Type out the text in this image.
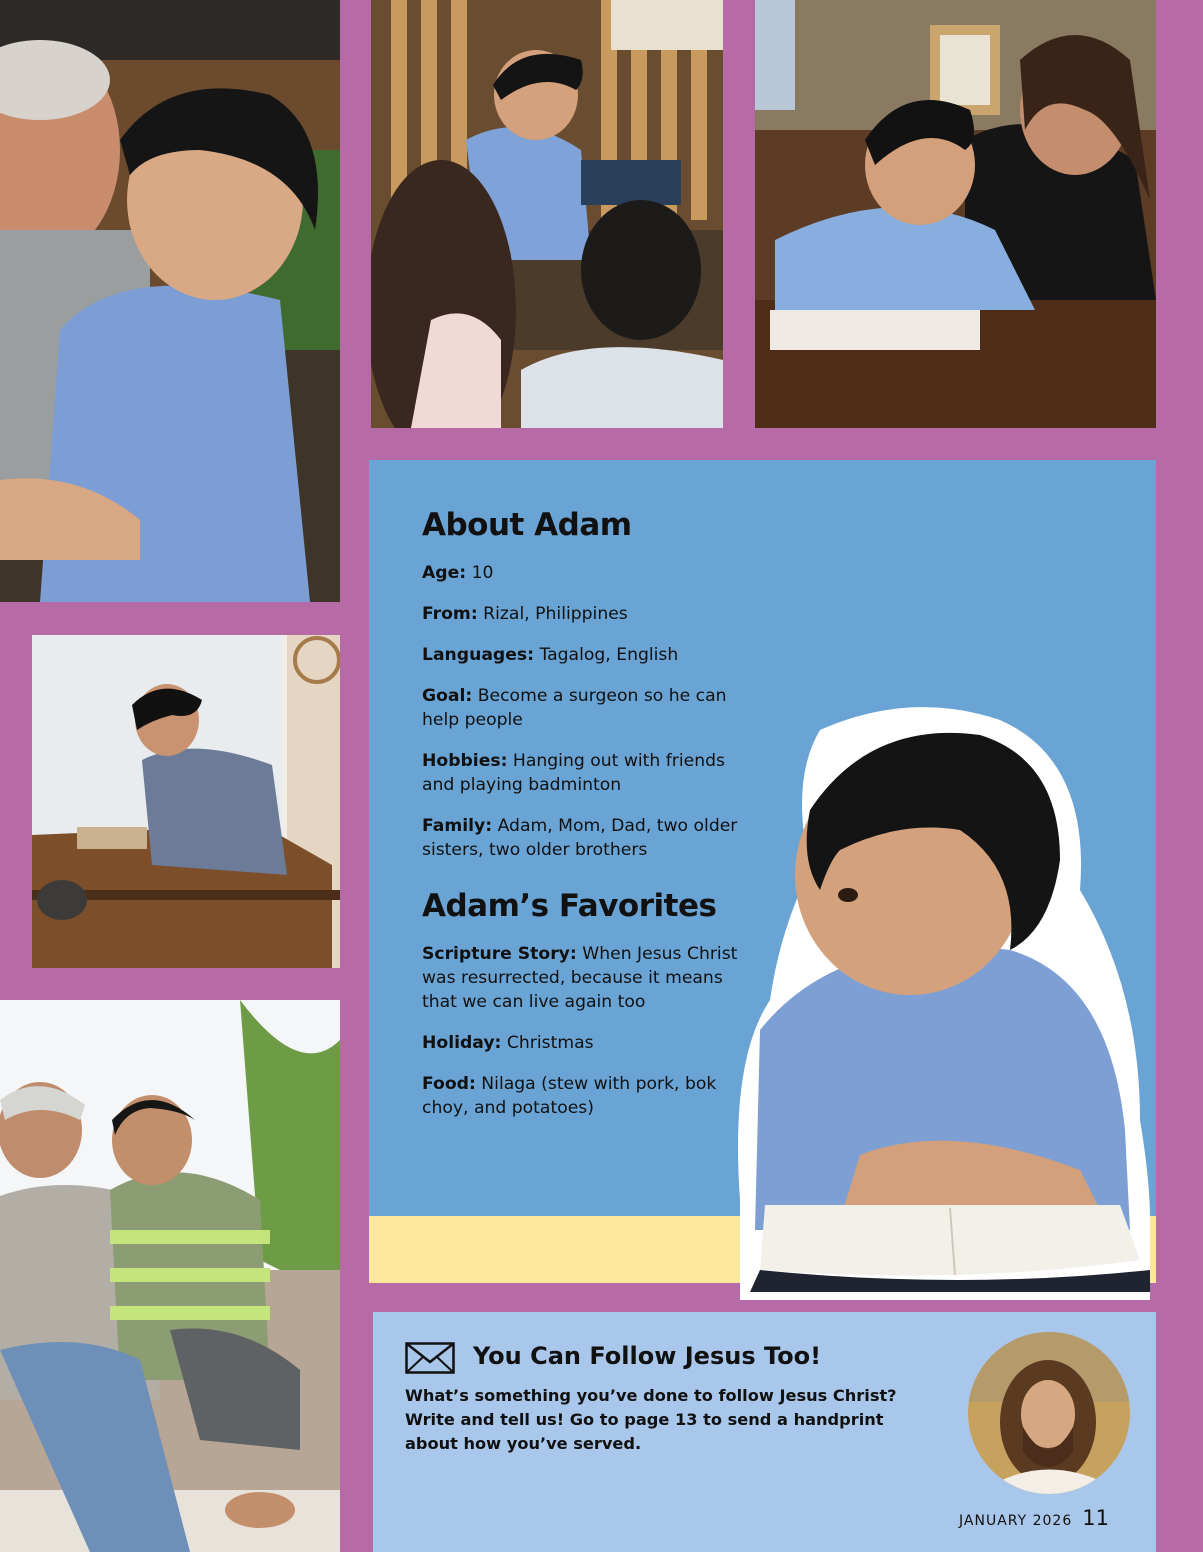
About Adam

Age: 10

From: Rizal, Philippines

Languages: Tagalog, English

Goal: Become a surgeon so he can help people

Hobbies: Hanging out with friends and playing badminton

Family: Adam, Mom, Dad, two older sisters, two older brothers

Adam’s Favorites

Scripture Story: When Jesus Christ was resurrected, because it means that we can live again too

Holiday: Christmas

Food: Nilaga (stew with pork, bok choy, and potatoes)

You Can Follow Jesus Too!
What’s something you’ve done to follow Jesus Christ? Write and tell us! Go to page 13 to send a handprint about how you’ve served.
JANUARY 2026 11
